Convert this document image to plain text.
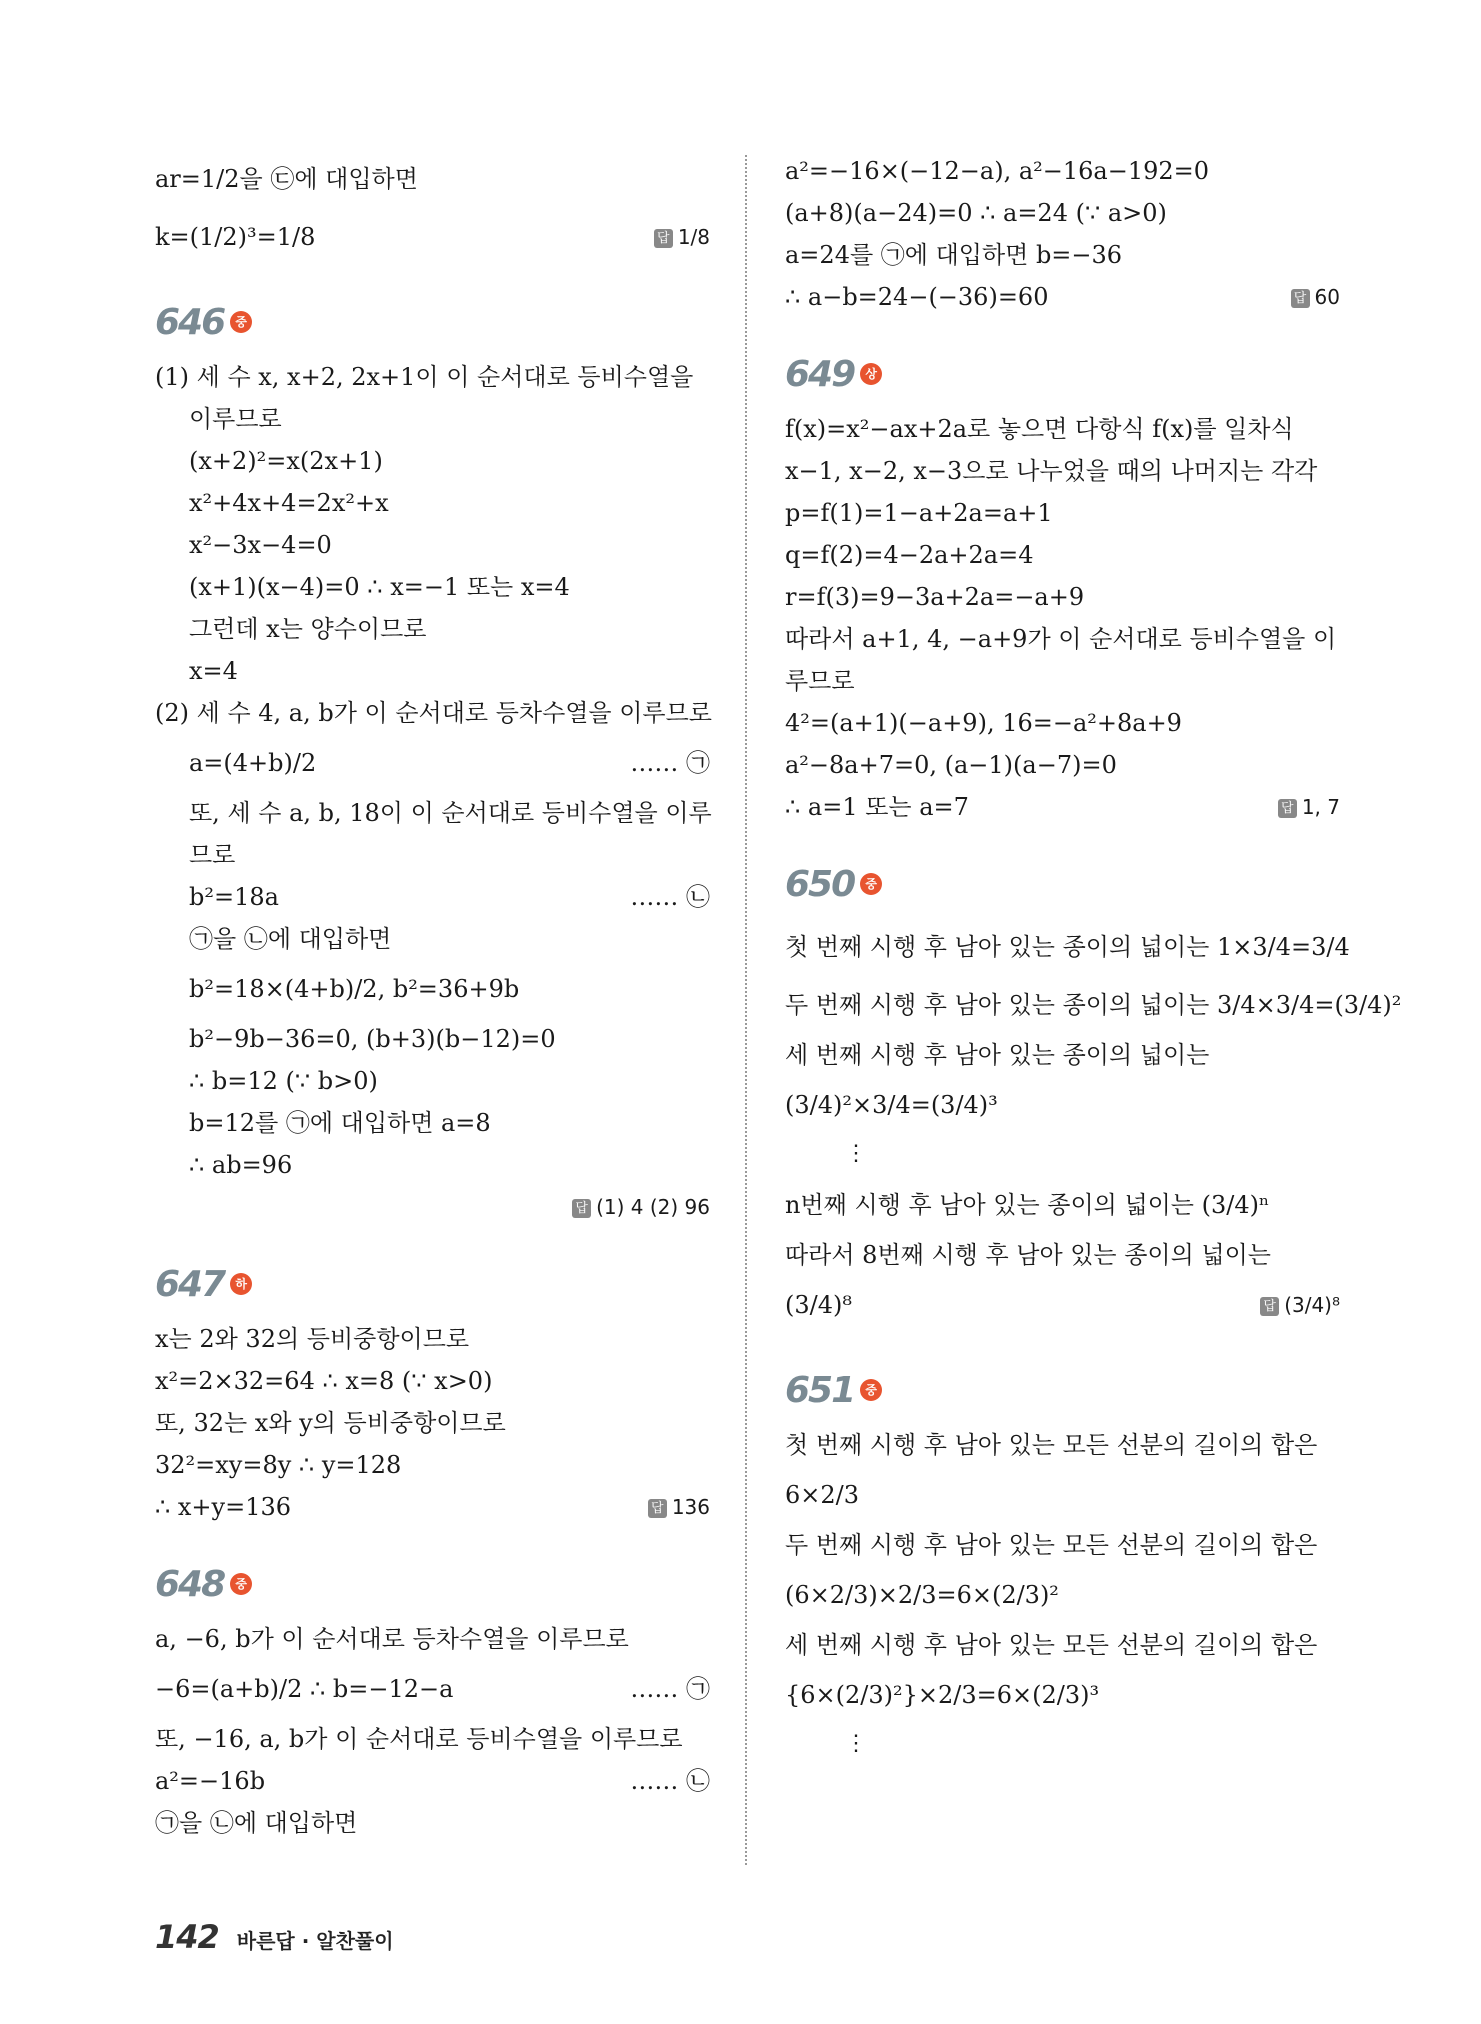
ar=1/2을 ㉢에 대입하면
k=(1/2)³=1/8	답 1/8
646 중
(1) 세 수 x, x+2, 2x+1이 이 순서대로 등비수열을
이루므로
(x+2)²=x(2x+1)
x²+4x+4=2x²+x
x²−3x−4=0
(x+1)(x−4)=0 ∴ x=−1 또는 x=4
그런데 x는 양수이므로
x=4
(2) 세 수 4, a, b가 이 순서대로 등차수열을 이루므로
a=(4+b)/2	…… ㉠
또, 세 수 a, b, 18이 이 순서대로 등비수열을 이루
므로
b²=18a	…… ㉡
㉠을 ㉡에 대입하면
b²=18×(4+b)/2, b²=36+9b
b²−9b−36=0, (b+3)(b−12)=0
∴ b=12 (∵ b>0)
b=12를 ㉠에 대입하면 a=8
∴ ab=96
답 (1) 4 (2) 96
647 하
x는 2와 32의 등비중항이므로
x²=2×32=64 ∴ x=8 (∵ x>0)
또, 32는 x와 y의 등비중항이므로
32²=xy=8y ∴ y=128
∴ x+y=136	답 136
648 중
a, −6, b가 이 순서대로 등차수열을 이루므로
−6=(a+b)/2 ∴ b=−12−a	…… ㉠
또, −16, a, b가 이 순서대로 등비수열을 이루므로
a²=−16b	…… ㉡
㉠을 ㉡에 대입하면
a²=−16×(−12−a), a²−16a−192=0
(a+8)(a−24)=0 ∴ a=24 (∵ a>0)
a=24를 ㉠에 대입하면 b=−36
∴ a−b=24−(−36)=60	답 60
649 상
f(x)=x²−ax+2a로 놓으면 다항식 f(x)를 일차식
x−1, x−2, x−3으로 나누었을 때의 나머지는 각각
p=f(1)=1−a+2a=a+1
q=f(2)=4−2a+2a=4
r=f(3)=9−3a+2a=−a+9
따라서 a+1, 4, −a+9가 이 순서대로 등비수열을 이
루므로
4²=(a+1)(−a+9), 16=−a²+8a+9
a²−8a+7=0, (a−1)(a−7)=0
∴ a=1 또는 a=7	답 1, 7
650 중
첫 번째 시행 후 남아 있는 종이의 넓이는 1×3/4=3/4
두 번째 시행 후 남아 있는 종이의 넓이는 3/4×3/4=(3/4)²
세 번째 시행 후 남아 있는 종이의 넓이는
(3/4)²×3/4=(3/4)³
⋮
n번째 시행 후 남아 있는 종이의 넓이는 (3/4)ⁿ
따라서 8번째 시행 후 남아 있는 종이의 넓이는
(3/4)⁸	답 (3/4)⁸
651 중
첫 번째 시행 후 남아 있는 모든 선분의 길이의 합은
6×2/3
두 번째 시행 후 남아 있는 모든 선분의 길이의 합은
(6×2/3)×2/3=6×(2/3)²
세 번째 시행 후 남아 있는 모든 선분의 길이의 합은
{6×(2/3)²}×2/3=6×(2/3)³
⋮
142 바른답 · 알찬풀이
